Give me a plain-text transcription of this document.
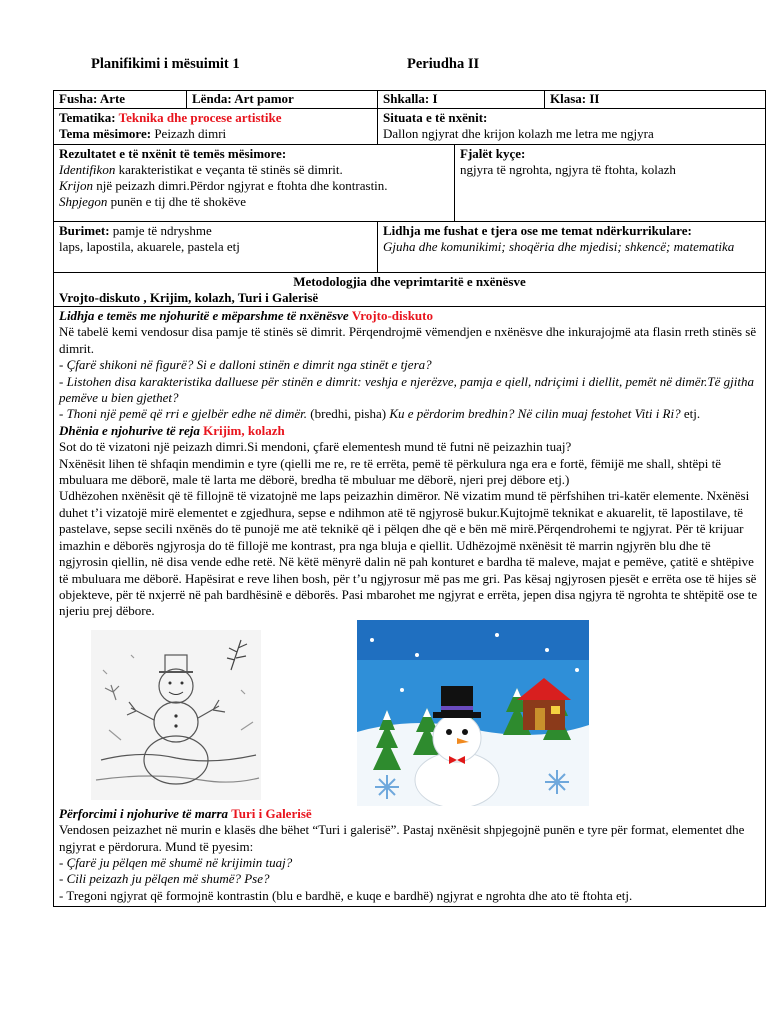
Planifikimi i mësuimit 1	Periudha II
Fusha: Arte	Lënda: Art pamor	Shkalla: I	Klasa: II
Tematika: Teknika dhe procese artistike
Tema mësimore: Peizazh dimri
Situata e të nxënit:
Dallon ngjyrat dhe krijon kolazh me letra me ngjyra
Rezultatet e të nxënit të temës mësimore:
Identifikon karakteristikat e veçanta të stinës së dimrit.
Krijon një peizazh dimri.Përdor ngjyrat e ftohta dhe kontrastin.
Shpjegon punën e tij dhe të shokëve
Fjalët kyçe:
ngjyra të ngrohta, ngjyra të ftohta, kolazh
Burimet: pamje të ndryshme
laps, lapostila, akuarele, pastela etj
Lidhja me fushat e tjera ose me temat ndërkurrikulare:
Gjuha dhe komunikimi; shoqëria dhe mjedisi; shkencë; matematika
Metodologjia dhe veprimtaritë e nxënësve
Vrojto-diskuto , Krijim, kolazh, Turi i Galerisë

Lidhja e temës me njohuritë e mëparshme të nxënësve Vrojto-diskuto

Në tabelë kemi vendosur disa pamje të stinës së dimrit. Përqendrojmë vëmendjen e nxënësve dhe inkurajojmë ata flasin rreth stinës së dimrit.

- Çfarë shikoni në figurë? Si e dalloni stinën e dimrit nga stinët e tjera?

- Listohen disa karakteristika dalluese për stinën e dimrit: veshja e njerëzve, pamja e qiell, ndriçimi i diellit, pemët në dimër.Të gjitha pemëve u bien gjethet?

- Thoni një pemë që rri e gjelbër edhe në dimër. (bredhi, pisha) Ku e përdorim bredhin? Në cilin muaj festohet Viti i Ri? etj.

Dhënia e njohurive të reja Krijim, kolazh

Sot do të vizatoni një peizazh dimri.Si mendoni, çfarë elementesh mund të futni në peizazhin tuaj?

Nxënësit lihen të shfaqin mendimin e tyre (qielli me re, re të errëta, pemë të përkulura nga era e fortë, fëmijë me shall, shtëpi të mbuluara me dëborë, male të larta me dëborë, bredha të mbuluar me dëborë, njeri prej dëbore etj.)

Udhëzohen nxënësit që të fillojnë të vizatojnë me laps peizazhin dimëror. Në vizatim mund të përfshihen tri-katër elemente. Nxënësi duhet t’i vizatojë mirë elementet e zgjedhura, sepse e ndihmon atë të ngjyrosë bukur.Kujtojmë teknikat e akuarelit, të lapostilave, të pastelave, sepse secili nxënës do të punojë me atë teknikë që i pëlqen dhe që e bën më mirë.Përqendrohemi te ngjyrat. Për të krijuar imazhin e dëborës ngjyrosja do të fillojë me kontrast, pra nga bluja e qiellit. Udhëzojmë nxënësit të marrin ngjyrën blu dhe të ngjyrosin qiellin, në disa vende edhe retë. Në këtë mënyrë dalin në pah konturet e bardha të maleve, majat e pemëve, çatitë e shtëpive të mbuluara me dëborë. Hapësirat e reve lihen bosh, për t’u ngjyrosur më pas me gri. Pas kësaj ngjyrosen pjesët e errëta ose të hijes së objekteve, për të nxjerrë në pah bardhësinë e dëborës. Pasi mbarohet me ngjyrat e errëta, jepen disa ngjyra të ngrohta te shtëpitë ose te njeriu prej dëbore.

Përforcimi i njohurive të marra Turi i Galerisë

Vendosen peizazhet në murin e klasës dhe bëhet “Turi i galerisë”. Pastaj nxënësit shpjegojnë punën e tyre për format, elementet dhe ngjyrat e përdorura. Mund të pyesim:

- Çfarë ju pëlqen më shumë në krijimin tuaj?

- Cili peizazh ju pëlqen më shumë? Pse?

- Tregoni ngjyrat që formojnë kontrastin (blu e bardhë, e kuqe e bardhë) ngjyrat e ngrohta dhe ato të ftohta etj.
